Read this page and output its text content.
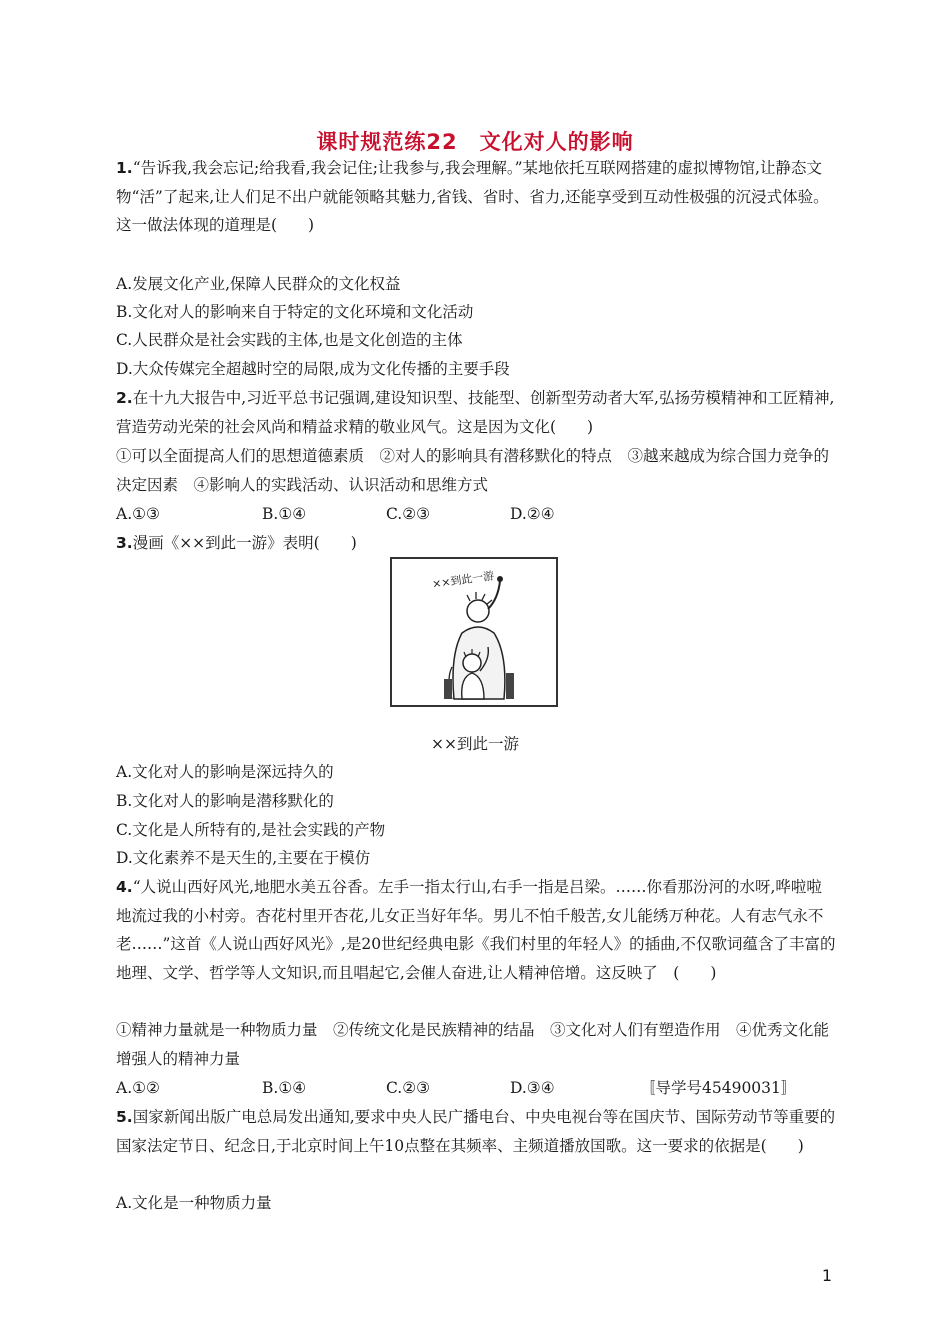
课时规范练22　文化对人的影响
1.“告诉我,我会忘记;给我看,我会记住;让我参与,我会理解。”某地依托互联网搭建的虚拟博物馆,让静态文物“活”了起来,让人们足不出户就能领略其魅力,省钱、省时、省力,还能享受到互动性极强的沉浸式体验。这一做法体现的道理是(　　)
A.发展文化产业,保障人民群众的文化权益
B.文化对人的影响来自于特定的文化环境和文化活动
C.人民群众是社会实践的主体,也是文化创造的主体
D.大众传媒完全超越时空的局限,成为文化传播的主要手段
2.在十九大报告中,习近平总书记强调,建设知识型、技能型、创新型劳动者大军,弘扬劳模精神和工匠精神,营造劳动光荣的社会风尚和精益求精的敬业风气。这是因为文化(　　)
①可以全面提高人们的思想道德素质　②对人的影响具有潜移默化的特点　③越来越成为综合国力竞争的决定因素　④影响人的实践活动、认识活动和思维方式
A.①③	B.①④	C.②③	D.②④
3.漫画《××到此一游》表明(　　)
××到此一游
××到此一游
A.文化对人的影响是深远持久的
B.文化对人的影响是潜移默化的
C.文化是人所特有的,是社会实践的产物
D.文化素养不是天生的,主要在于模仿
4.“人说山西好风光,地肥水美五谷香。左手一指太行山,右手一指是吕梁。……你看那汾河的水呀,哗啦啦地流过我的小村旁。杏花村里开杏花,儿女正当好年华。男儿不怕千般苦,女儿能绣万种花。人有志气永不老……”这首《人说山西好风光》,是20世纪经典电影《我们村里的年轻人》的插曲,不仅歌词蕴含了丰富的地理、文学、哲学等人文知识,而且唱起它,会催人奋进,让人精神倍增。这反映了　(　　)
①精神力量就是一种物质力量　②传统文化是民族精神的结晶　③文化对人们有塑造作用　④优秀文化能增强人的精神力量
A.①②	B.①④	C.②③	D.③④	〚导学号45490031〛
5.国家新闻出版广电总局发出通知,要求中央人民广播电台、中央电视台等在国庆节、国际劳动节等重要的国家法定节日、纪念日,于北京时间上午10点整在其频率、主频道播放国歌。这一要求的依据是(　　)
A.文化是一种物质力量
1
